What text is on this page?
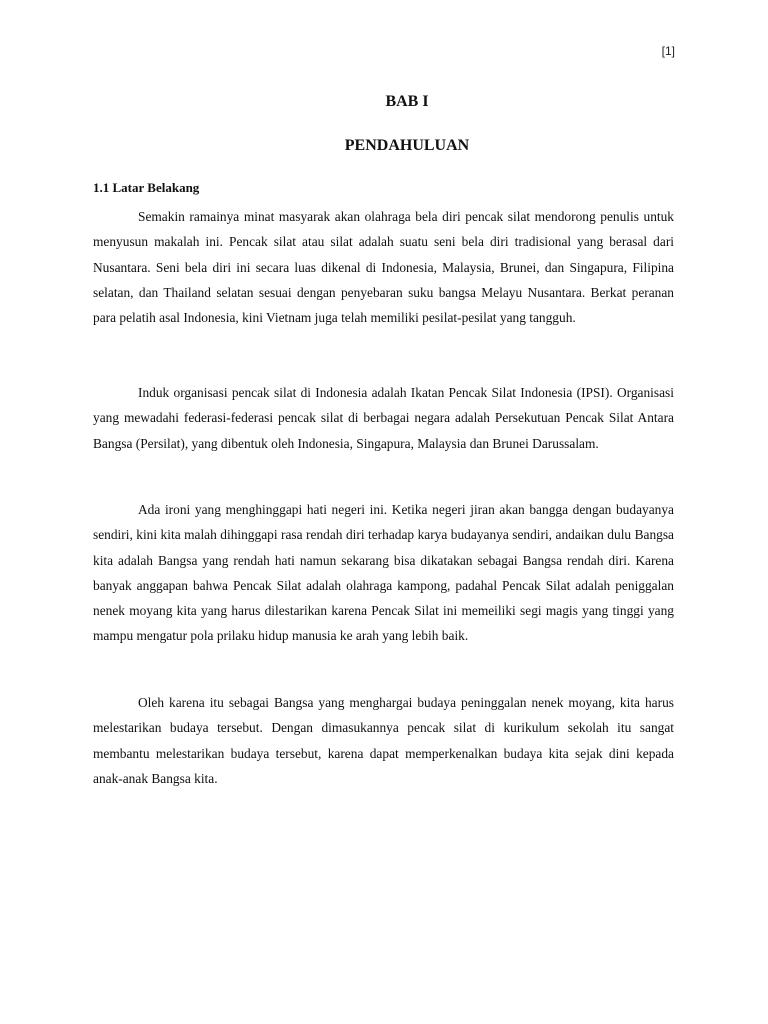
[1]
BAB I
PENDAHULUAN
1.1 Latar Belakang

Semakin ramainya minat masyarak akan olahraga bela diri pencak silat mendorong penulis untuk menyusun makalah ini. Pencak silat atau silat adalah suatu seni bela diri tradisional yang berasal dari Nusantara. Seni bela diri ini secara luas dikenal di Indonesia, Malaysia, Brunei, dan Singapura, Filipina selatan, dan Thailand selatan sesuai dengan penyebaran suku bangsa Melayu Nusantara. Berkat peranan para pelatih asal Indonesia, kini Vietnam juga telah memiliki pesilat-pesilat yang tangguh.

Induk organisasi pencak silat di Indonesia adalah Ikatan Pencak Silat Indonesia (IPSI). Organisasi yang mewadahi federasi-federasi pencak silat di berbagai negara adalah Persekutuan Pencak Silat Antara Bangsa (Persilat), yang dibentuk oleh Indonesia, Singapura, Malaysia dan Brunei Darussalam.

Ada ironi yang menghinggapi hati negeri ini. Ketika negeri jiran akan bangga dengan budayanya sendiri, kini kita malah dihinggapi rasa rendah diri terhadap karya budayanya sendiri, andaikan dulu Bangsa kita adalah Bangsa yang rendah hati namun sekarang bisa dikatakan sebagai Bangsa rendah diri. Karena banyak anggapan bahwa Pencak Silat adalah olahraga kampong, padahal Pencak Silat adalah peniggalan nenek moyang kita yang harus dilestarikan karena Pencak Silat ini memeiliki segi magis yang tinggi yang mampu mengatur pola prilaku hidup manusia ke arah yang lebih baik.

Oleh karena itu sebagai Bangsa yang menghargai budaya peninggalan nenek moyang, kita harus melestarikan budaya tersebut. Dengan dimasukannya pencak silat di kurikulum sekolah itu sangat membantu melestarikan budaya tersebut, karena dapat memperkenalkan budaya kita sejak dini kepada anak-anak Bangsa kita.
